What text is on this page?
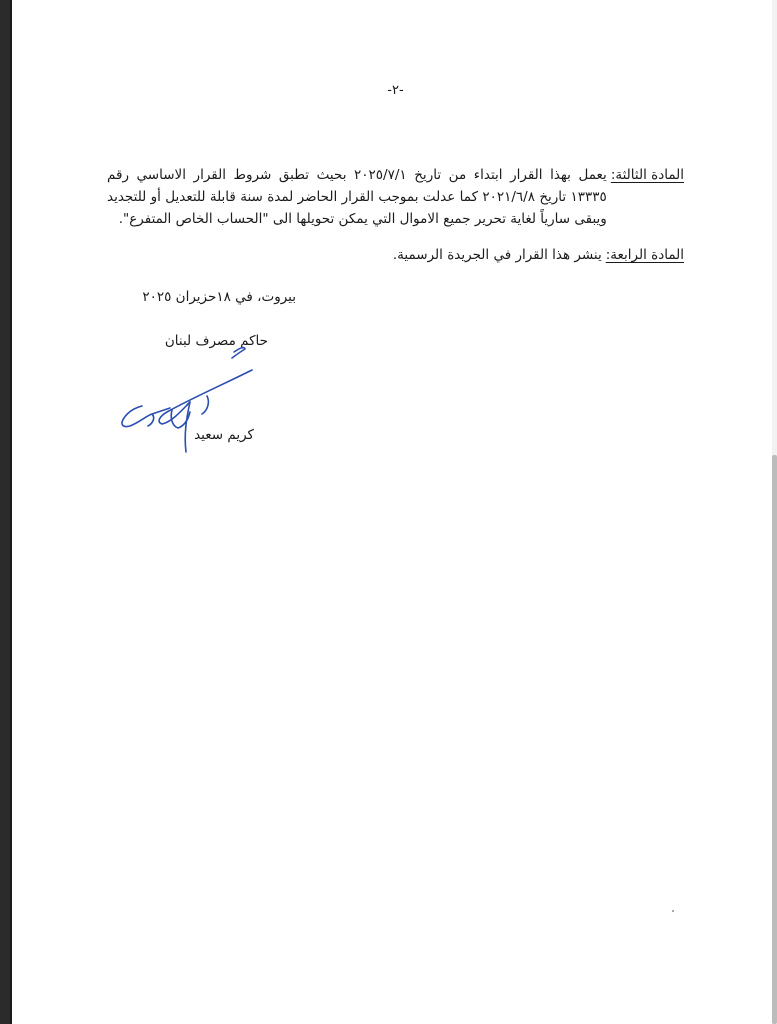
-٢-
المادة الثالثة:
يعمل بهذا القرار ابتداء من تاريخ ٢٠٢٥/٧/١ بحيث تطبق شروط القرار الاساسي رقم ١٣٣٣٥ تاريخ ٢٠٢١/٦/٨ كما عدلت بموجب القرار الحاضر لمدة سنة قابلة للتعديل أو للتجديد ويبقى سارياً لغاية تحرير جميع الاموال التي يمكن تحويلها الى "الحساب الخاص المتفرع".
المادة الرابعة:
ينشر هذا القرار في الجريدة الرسمية.
بيروت، في ١٨حزيران ٢٠٢٥
حاكم مصرف لبنان
كريم سعيد
